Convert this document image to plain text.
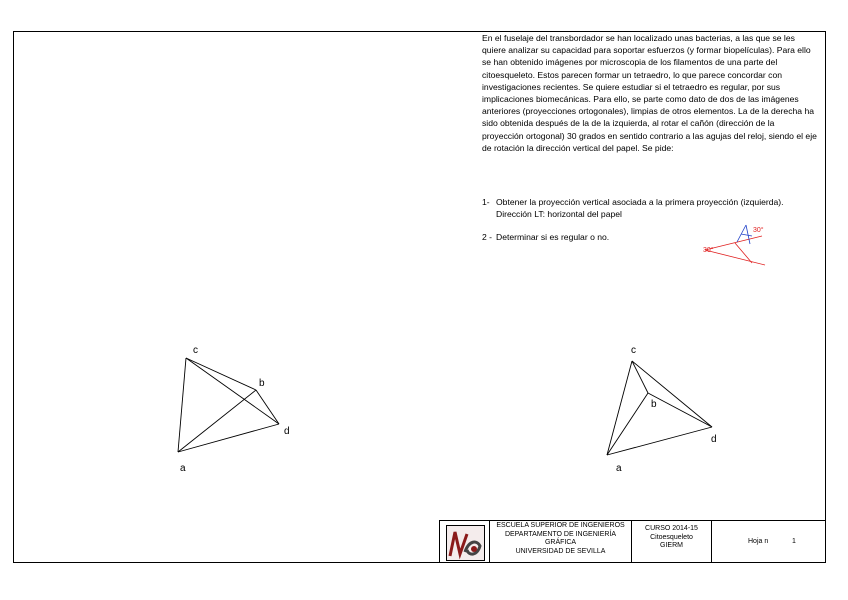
En el fuselaje del transbordador se han localizado unas bacterias, a las que se les quiere analizar su capacidad para soportar esfuerzos (y formar biopelículas). Para ello se han obtenido imágenes por microscopia de los filamentos de una parte del citoesqueleto. Estos parecen formar un tetraedro, lo que parece concordar con investigaciones recientes. Se quiere estudiar si el tetraedro es regular, por sus implicaciones biomecánicas. Para ello, se parte como dato de dos de las imágenes anteriores (proyecciones ortogonales), limpias de otros elementos. La de la derecha ha sido obtenida después de la de la izquierda, al rotar el cañón (dirección de la proyección ortogonal) 30 grados en sentido contrario a las agujas del reloj, siendo el eje de rotación la dirección vertical del papel. Se pide:

1- Obtener la proyección vertical asociada a la primera proyección (izquierda).
Dirección LT: horizontal del papel
2 - Determinar si es regular o no.
30°
30°
c
b
d
a
c
b
d
a
ESCUELA SUPERIOR DE INGENIEROS
DEPARTAMENTO DE INGENIERÍA
GRÁFICA
UNIVERSIDAD DE SEVILLA
CURSO 2014-15
Citoesqueleto
GIERM
Hoja n	1
